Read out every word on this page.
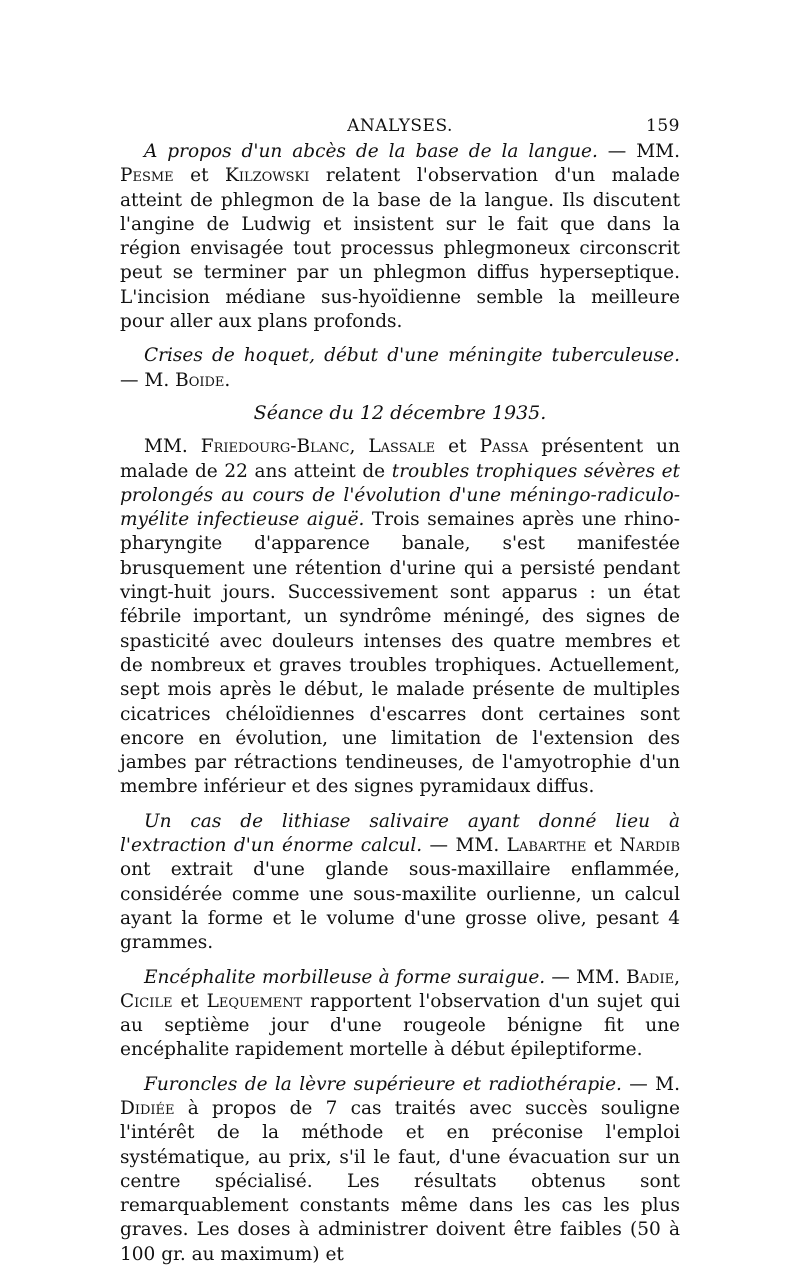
ANALYSES.	159

A propos d'un abcès de la base de la langue. — MM. Pesme et Kilzowski relatent l'observation d'un malade atteint de phlegmon de la base de la langue. Ils discutent l'angine de Ludwig et insistent sur le fait que dans la région envisagée tout processus phlegmoneux circonscrit peut se terminer par un phlegmon diffus hyperseptique. L'incision médiane sus-hyoïdienne semble la meilleure pour aller aux plans profonds.

Crises de hoquet, début d'une méningite tuberculeuse. — M. Boide.

Séance du 12 décembre 1935.

MM. Friedourg-Blanc, Lassale et Passa présentent un malade de 22 ans atteint de troubles trophiques sévères et prolongés au cours de l'évolution d'une méningo-radiculo-myélite infectieuse aiguë. Trois semaines après une rhino-pharyngite d'apparence banale, s'est manifestée brusquement une rétention d'urine qui a persisté pendant vingt-huit jours. Successivement sont apparus : un état fébrile important, un syndrôme méningé, des signes de spasticité avec douleurs intenses des quatre membres et de nombreux et graves troubles trophiques. Actuellement, sept mois après le début, le malade présente de multiples cicatrices chéloïdiennes d'escarres dont certaines sont encore en évolution, une limitation de l'extension des jambes par rétractions tendineuses, de l'amyotrophie d'un membre inférieur et des signes pyramidaux diffus.

Un cas de lithiase salivaire ayant donné lieu à l'extraction d'un énorme calcul. — MM. Labarthe et Nardib ont extrait d'une glande sous-maxillaire enflammée, considérée comme une sous-maxilite ourlienne, un calcul ayant la forme et le volume d'une grosse olive, pesant 4 grammes.

Encéphalite morbilleuse à forme suraigue. — MM. Badie, Cicile et Lequement rapportent l'observation d'un sujet qui au septième jour d'une rougeole bénigne fit une encéphalite rapidement mortelle à début épileptiforme.

Furoncles de la lèvre supérieure et radiothérapie. — M. Didiée à propos de 7 cas traités avec succès souligne l'intérêt de la méthode et en préconise l'emploi systématique, au prix, s'il le faut, d'une évacuation sur un centre spécialisé. Les résultats obtenus sont remarquablement constants même dans les cas les plus graves. Les doses à administrer doivent être faibles (50 à 100 gr. au maximum) et
